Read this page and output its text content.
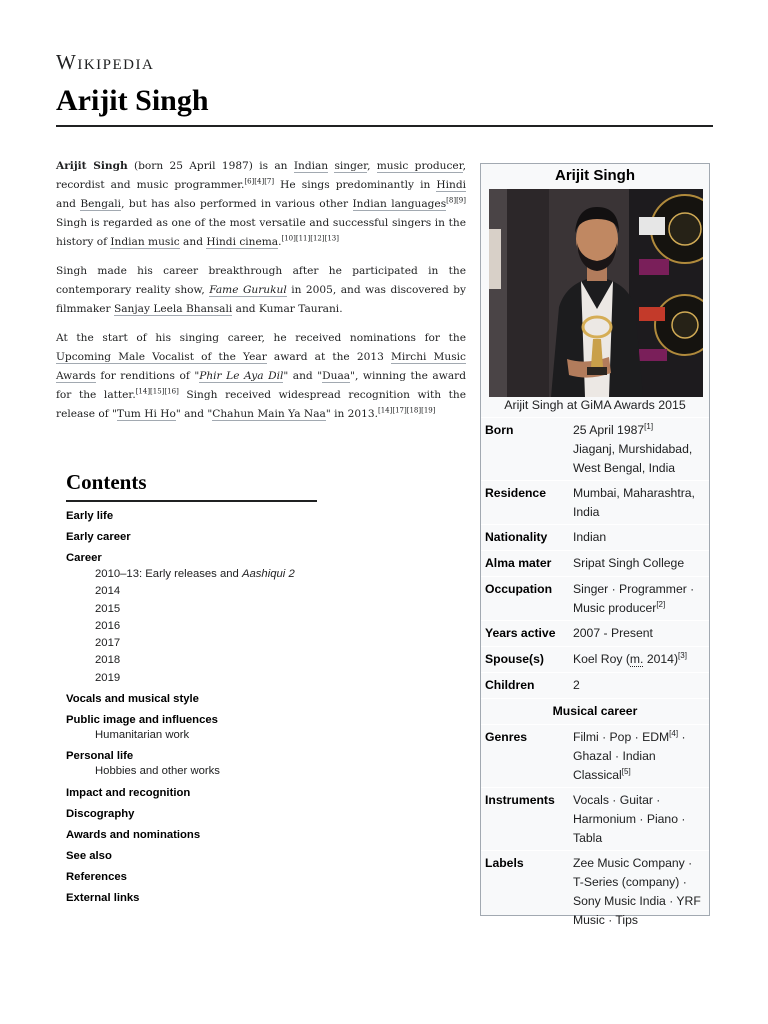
Wikipedia
Arijit Singh

Arijit Singh (born 25 April 1987) is an Indian singer, music producer, recordist and music programmer.[6][4][7] He sings predominantly in Hindi and Bengali, but has also performed in various other Indian languages[8][9] Singh is regarded as one of the most versatile and successful singers in the history of Indian music and Hindi cinema.[10][11][12][13]

Singh made his career breakthrough after he participated in the contemporary reality show, Fame Gurukul in 2005, and was discovered by filmmaker Sanjay Leela Bhansali and Kumar Taurani.

At the start of his singing career, he received nominations for the Upcoming Male Vocalist of the Year award at the 2013 Mirchi Music Awards for renditions of "Phir Le Aya Dil" and "Duaa", winning the award for the latter.[14][15][16] Singh received widespread recognition with the release of "Tum Hi Ho" and "Chahun Main Ya Naa" in 2013.[14][17][18][19]

Contents
Early life
Early career
Career
2010–13: Early releases and Aashiqui 2
2014
2015
2016
2017
2018
2019
Vocals and musical style
Public image and influences
Humanitarian work
Personal life
Hobbies and other works
Impact and recognition
Discography
Awards and nominations
See also
References
External links
Arijit Singh
Arijit Singh at GiMA Awards 2015
Born	25 April 1987[1]
Jiaganj, Murshidabad, West Bengal, India
Residence	Mumbai, Maharashtra, India
Nationality	Indian
Alma mater	Sripat Singh College
Occupation	Singer · Programmer · Music producer[2]
Years active	2007 - Present
Spouse(s)	Koel Roy (m. 2014)[3]
Children	2
Musical career
Genres	Filmi · Pop · EDM[4] · Ghazal · Indian Classical[5]
Instruments	Vocals · Guitar · Harmonium · Piano · Tabla
Labels	Zee Music Company · T-Series (company) · Sony Music India · YRF Music · Tips
